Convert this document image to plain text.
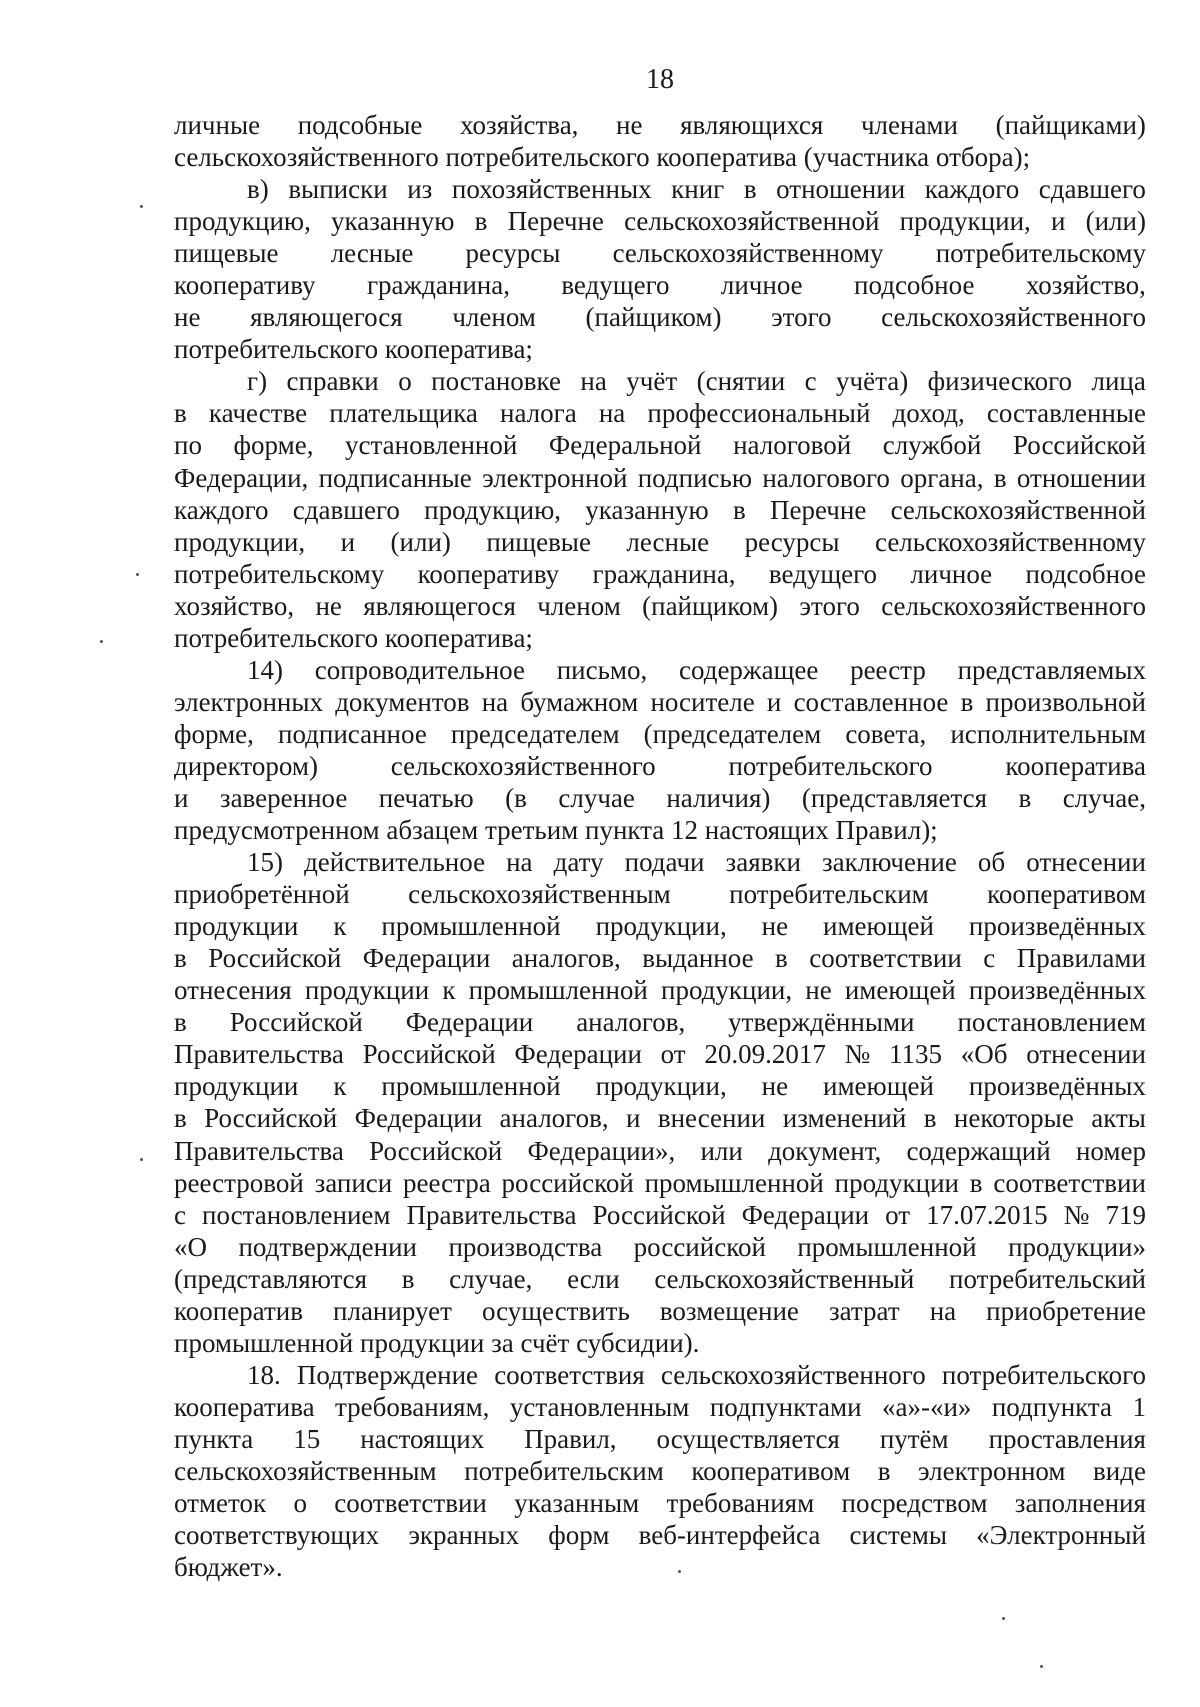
18
личные подсобные хозяйства, не являющихся членами (пайщиками)
сельскохозяйственного потребительского кооператива (участника отбора);
в) выписки из похозяйственных книг в отношении каждого сдавшего
продукцию, указанную в Перечне сельскохозяйственной продукции, и (или)
пищевые лесные ресурсы сельскохозяйственному потребительскому
кооперативу гражданина, ведущего личное подсобное хозяйство,
не являющегося членом (пайщиком) этого сельскохозяйственного
потребительского кооператива;
г) справки о постановке на учёт (снятии с учёта) физического лица
в качестве плательщика налога на профессиональный доход, составленные
по форме, установленной Федеральной налоговой службой Российской
Федерации, подписанные электронной подписью налогового органа, в отношении
каждого сдавшего продукцию, указанную в Перечне сельскохозяйственной
продукции, и (или) пищевые лесные ресурсы сельскохозяйственному
потребительскому кооперативу гражданина, ведущего личное подсобное
хозяйство, не являющегося членом (пайщиком) этого сельскохозяйственного
потребительского кооператива;
14) сопроводительное письмо, содержащее реестр представляемых
электронных документов на бумажном носителе и составленное в произвольной
форме, подписанное председателем (председателем совета, исполнительным
директором)	сельскохозяйственного	потребительского	кооператива
и заверенное печатью (в случае наличия) (представляется в случае,
предусмотренном абзацем третьим пункта 12 настоящих Правил);
15) действительное на дату подачи заявки заключение об отнесении
приобретённой сельскохозяйственным потребительским кооперативом
продукции к промышленной продукции, не имеющей произведённых
в Российской Федерации аналогов, выданное в соответствии с Правилами
отнесения продукции к промышленной продукции, не имеющей произведённых
в Российской Федерации аналогов, утверждёнными постановлением
Правительства Российской Федерации от 20.09.2017 № 1135 «Об отнесении
продукции к промышленной продукции, не имеющей произведённых
в Российской Федерации аналогов, и внесении изменений в некоторые акты
Правительства Российской Федерации», или документ, содержащий номер
реестровой записи реестра российской промышленной продукции в соответствии
с постановлением Правительства Российской Федерации от 17.07.2015 № 719
«О подтверждении производства российской промышленной продукции»
(представляются в случае, если сельскохозяйственный потребительский
кооператив планирует осуществить возмещение затрат на приобретение
промышленной продукции за счёт субсидии).
18. Подтверждение соответствия сельскохозяйственного потребительского
кооператива требованиям, установленным подпунктами «а»-«и» подпункта 1
пункта 15 настоящих Правил, осуществляется путём проставления
сельскохозяйственным потребительским кооперативом в электронном виде
отметок о соответствии указанным требованиям посредством заполнения
соответствующих экранных форм веб-интерфейса системы «Электронный
бюджет».
